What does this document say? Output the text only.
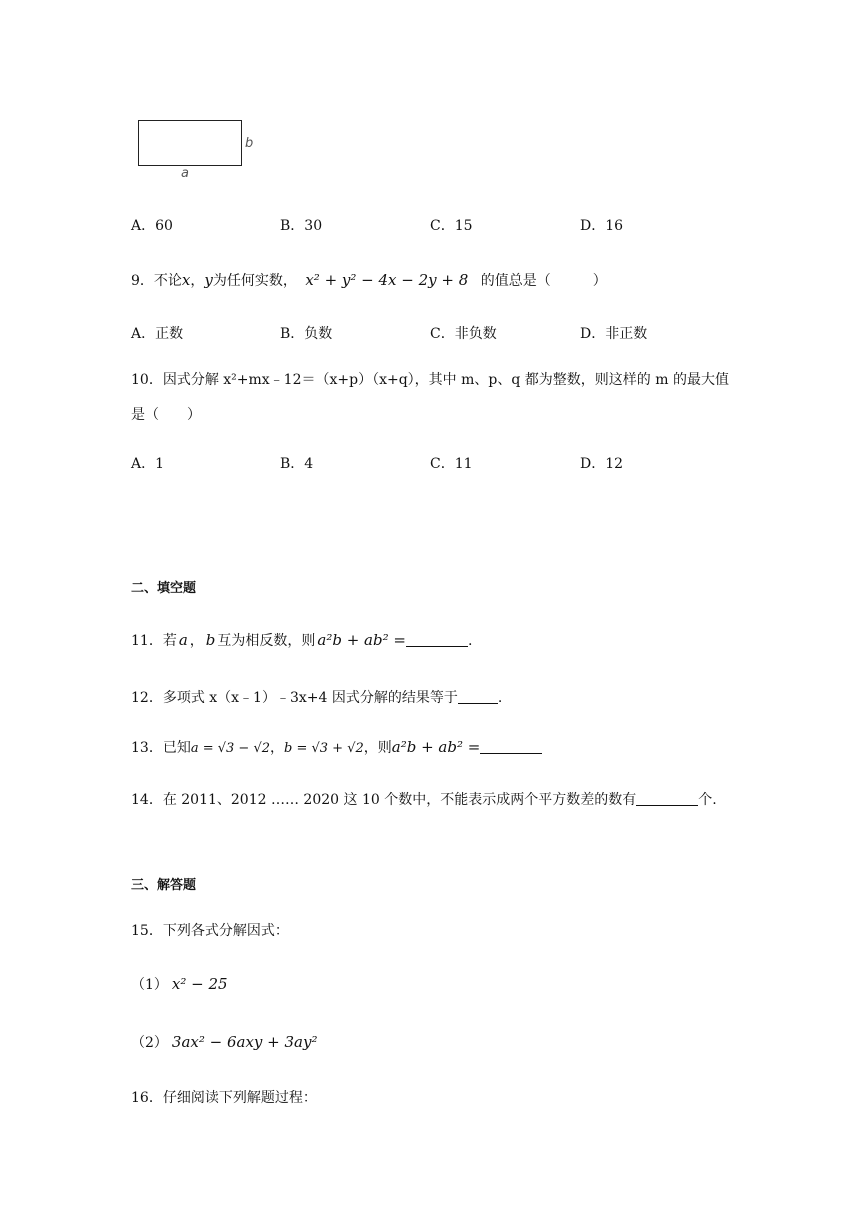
b
a
A．60	B．30	C．15	D．16
9．不论x，y为任何实数， x² + y² − 4x − 2y + 8 的值总是（　　　）
A．正数	B．负数	C．非负数	D．非正数
10．因式分解 x²+mx﹣12＝（x+p）（x+q），其中 m、p、q 都为整数，则这样的 m 的最大值
是（　　）
A．1	B．4	C．11	D．12
二、填空题
11．若 a ， b 互为相反数，则 a²b + ab² =	.
12．多项式 x（x﹣1）﹣3x+4 因式分解的结果等于	.
13．已知a = √3 − √2，b = √3 + √2，则a²b + ab² =
14．在 2011、2012 …… 2020 这 10 个数中，不能表示成两个平方数差的数有	个.
三、解答题
15．下列各式分解因式：
（1） x² − 25
（2） 3ax² − 6axy + 3ay²
16．仔细阅读下列解题过程：
